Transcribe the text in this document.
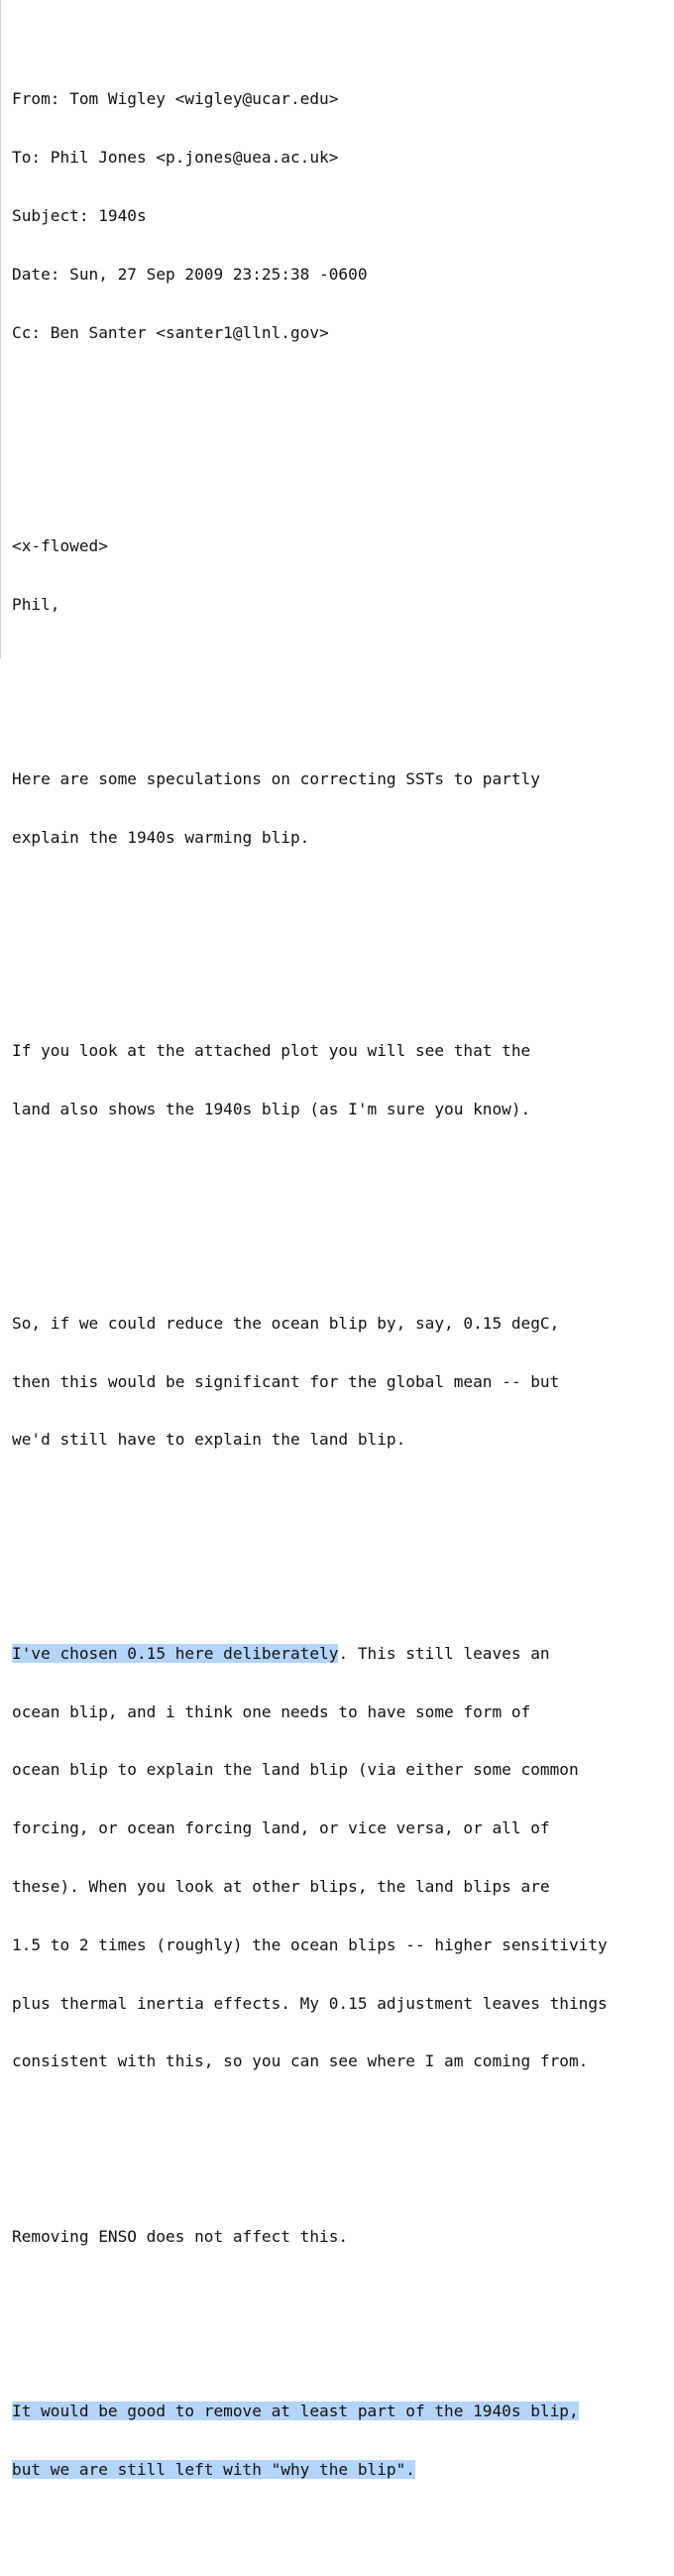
From: Tom Wigley <wigley@ucar.edu>

To: Phil Jones <p.jones@uea.ac.uk>

Subject: 1940s

Date: Sun, 27 Sep 2009 23:25:38 -0600

Cc: Ben Santer <santer1@llnl.gov>

<x-flowed>

Phil,

Here are some speculations on correcting SSTs to partly

explain the 1940s warming blip.

If you look at the attached plot you will see that the

land also shows the 1940s blip (as I'm sure you know).

So, if we could reduce the ocean blip by, say, 0.15 degC,

then this would be significant for the global mean -- but

we'd still have to explain the land blip.

I've chosen 0.15 here deliberately. This still leaves an

ocean blip, and i think one needs to have some form of

ocean blip to explain the land blip (via either some common

forcing, or ocean forcing land, or vice versa, or all of

these). When you look at other blips, the land blips are

1.5 to 2 times (roughly) the ocean blips -- higher sensitivity

plus thermal inertia effects. My 0.15 adjustment leaves things

consistent with this, so you can see where I am coming from.

Removing ENSO does not affect this.

It would be good to remove at least part of the 1940s blip,

but we are still left with "why the blip".
